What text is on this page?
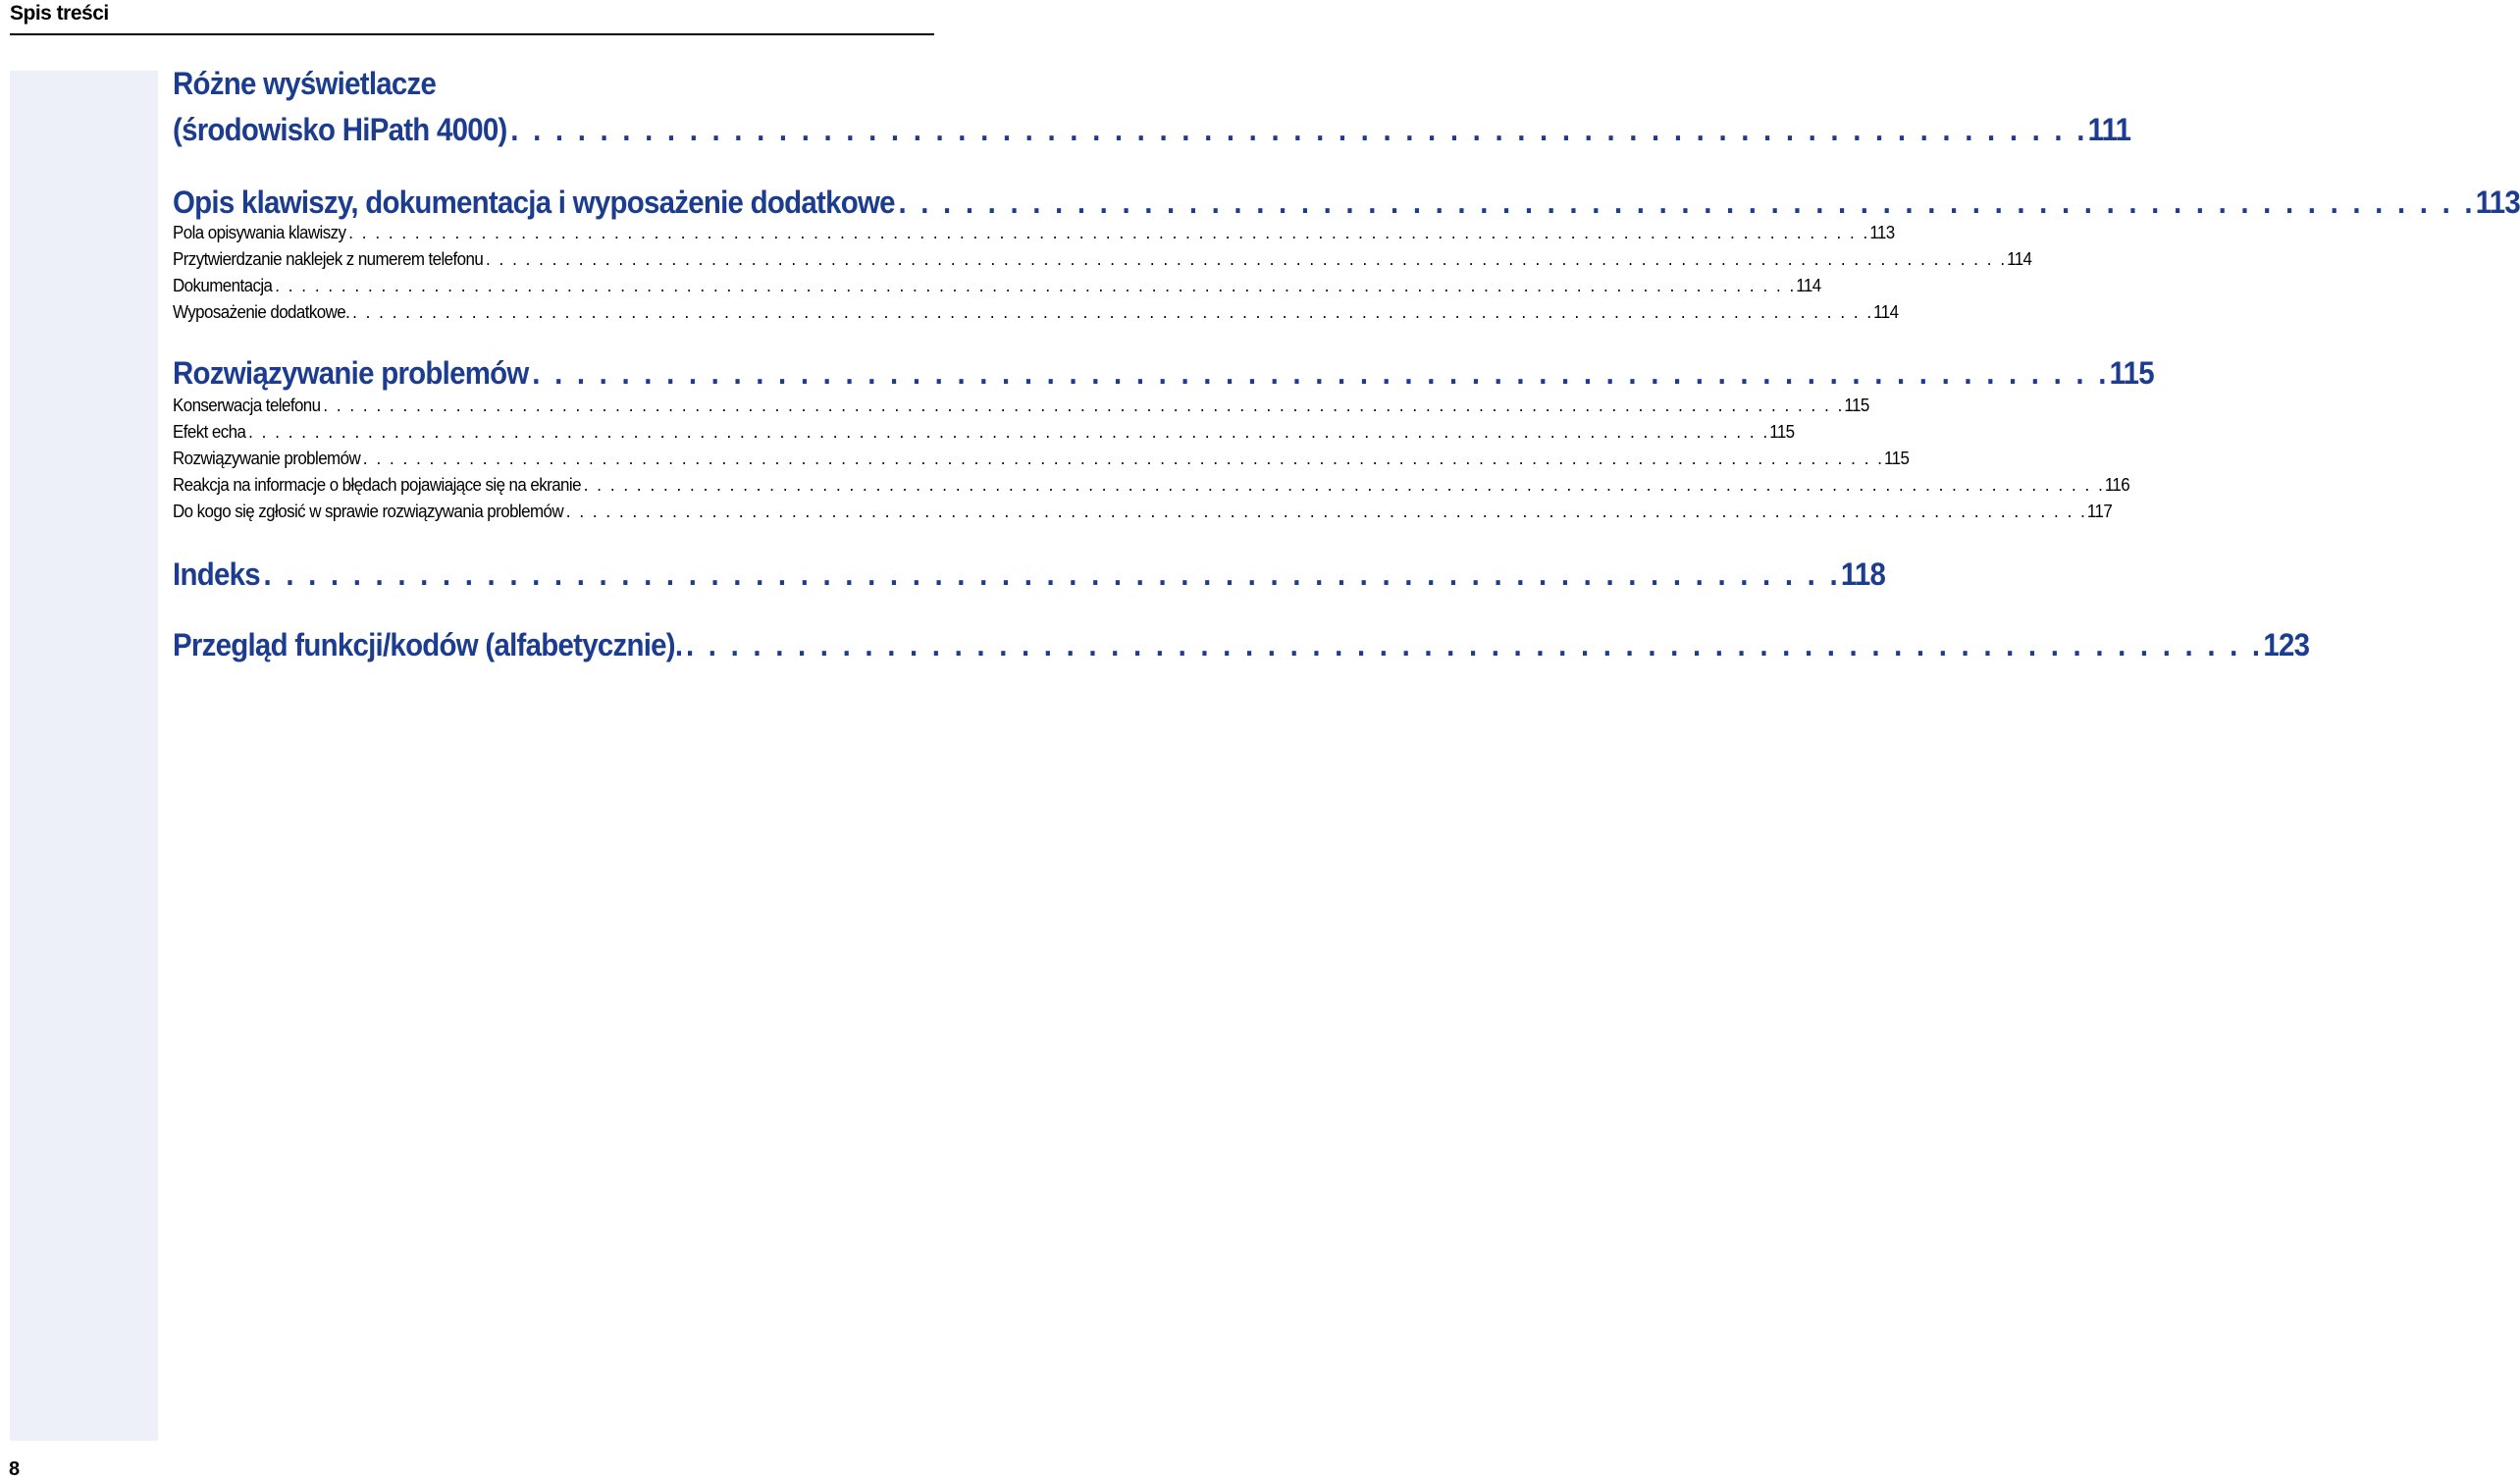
Spis treści
Różne wyświetlacze
(środowisko HiPath 4000) . . .	111
Opis klawiszy, dokumentacja i wyposażenie dodatkowe . . .	113
Pola opisywania klawiszy . . .	113
Przytwierdzanie naklejek z numerem telefonu . . .	114
Dokumentacja . . .	114
Wyposażenie dodatkowe. . . .	114
Rozwiązywanie problemów . . .	115
Konserwacja telefonu . . .	115
Efekt echa . . .	115
Rozwiązywanie problemów . . .	115
Reakcja na informacje o błędach pojawiające się na ekranie . . .	116
Do kogo się zgłosić w sprawie rozwiązywania problemów . . .	117
Indeks . . .	118
Przegląd funkcji/kodów (alfabetycznie). . . .	123
8
